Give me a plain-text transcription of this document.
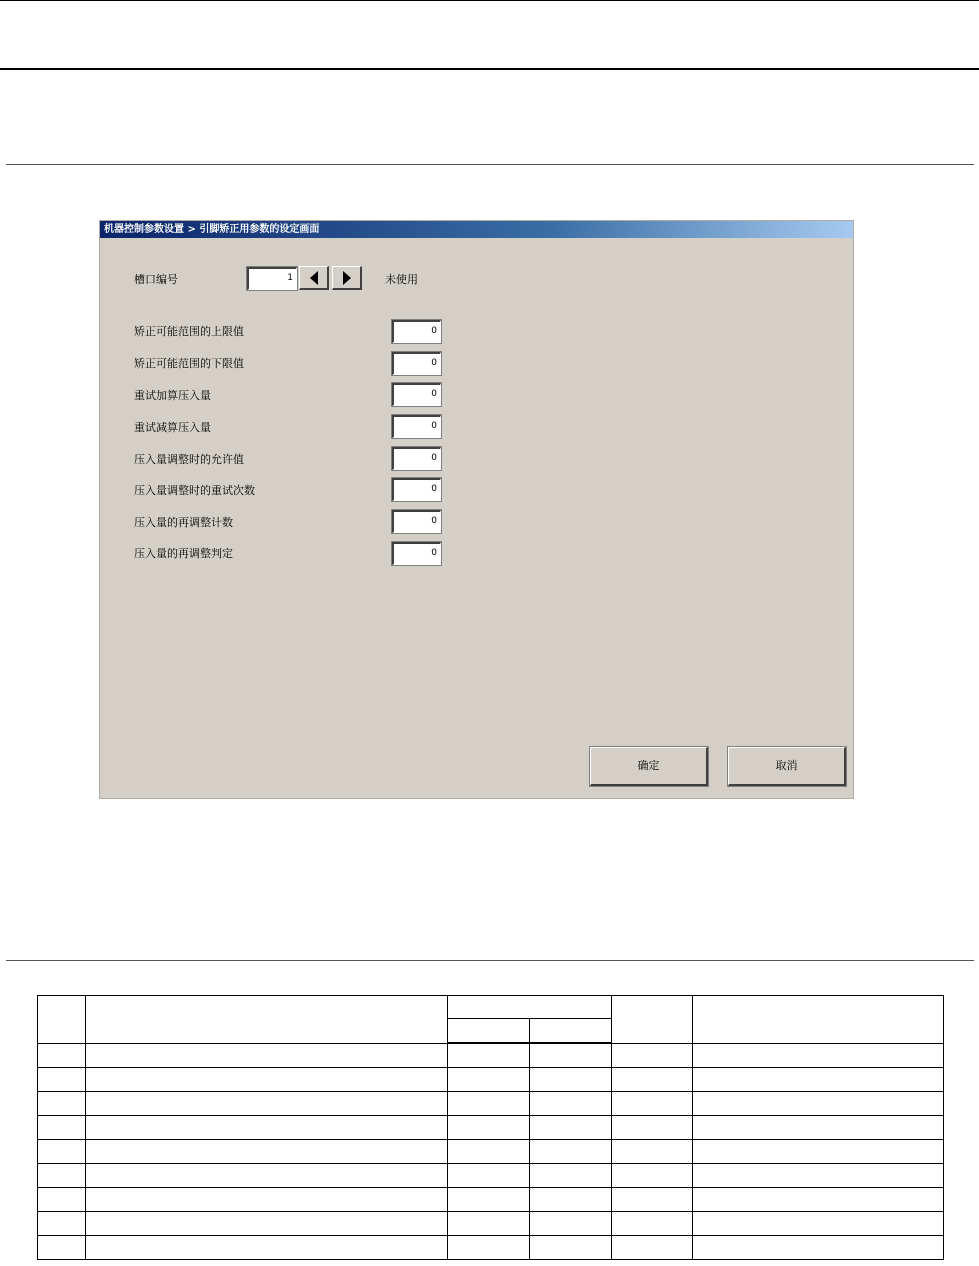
机器控制参数设置 > 引脚矫正用参数的设定画面
槽口编号	1	未使用
矫正可能范围的上限值	0
矫正可能范围的下限值	0
重试加算压入量	0
重试减算压入量	0
压入量调整时的允许值	0
压入量调整时的重试次数	0
压入量的再调整计数	0
压入量的再调整判定	0
确定	取消
